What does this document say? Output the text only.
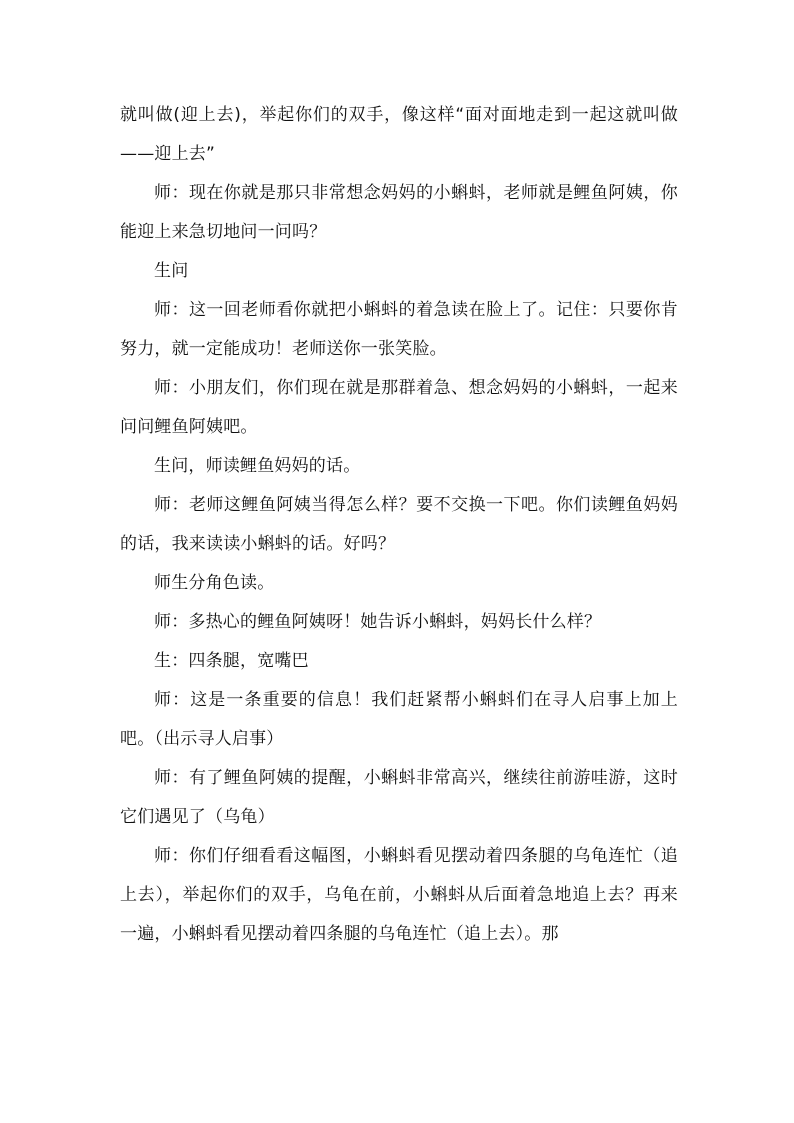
就叫做(迎上去)，举起你们的双手，像这样“面对面地走到一起这就叫做——迎上去”

师：现在你就是那只非常想念妈妈的小蝌蚪，老师就是鲤鱼阿姨，你能迎上来急切地问一问吗？

生问

师：这一回老师看你就把小蝌蚪的着急读在脸上了。记住：只要你肯努力，就一定能成功！老师送你一张笑脸。

师：小朋友们，你们现在就是那群着急、想念妈妈的小蝌蚪，一起来问问鲤鱼阿姨吧。

生问，师读鲤鱼妈妈的话。

师：老师这鲤鱼阿姨当得怎么样？要不交换一下吧。你们读鲤鱼妈妈的话，我来读读小蝌蚪的话。好吗？

师生分角色读。

师：多热心的鲤鱼阿姨呀！她告诉小蝌蚪，妈妈长什么样？

生：四条腿，宽嘴巴

师：这是一条重要的信息！我们赶紧帮小蝌蚪们在寻人启事上加上吧。（出示寻人启事）

师：有了鲤鱼阿姨的提醒，小蝌蚪非常高兴，继续往前游哇游，这时它们遇见了（乌龟）

师：你们仔细看看这幅图，小蝌蚪看见摆动着四条腿的乌龟连忙（追上去），举起你们的双手，乌龟在前，小蝌蚪从后面着急地追上去？再来一遍，小蝌蚪看见摆动着四条腿的乌龟连忙（追上去）。那
